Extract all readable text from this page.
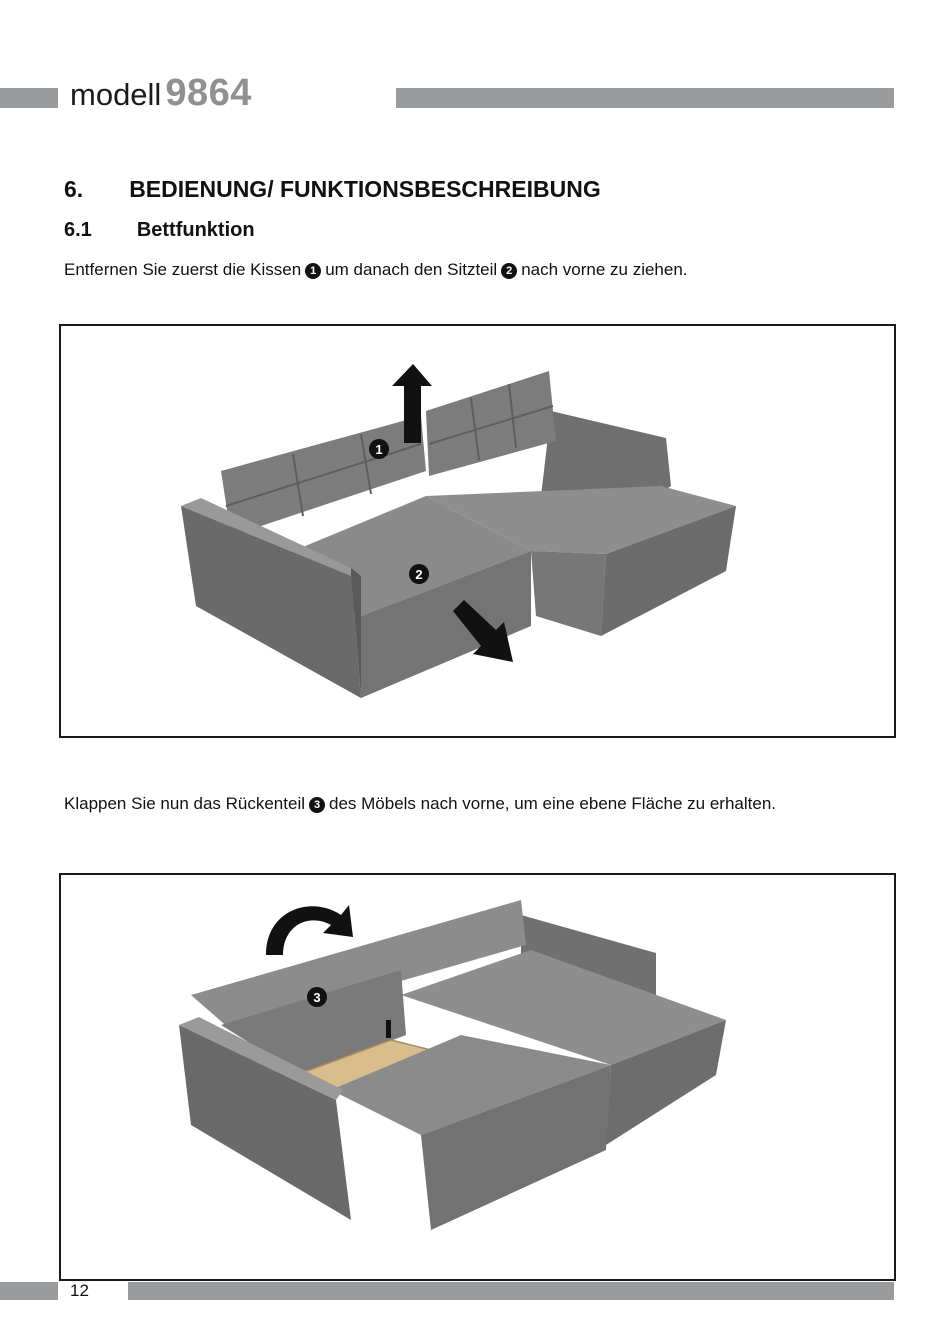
modell 9864
6. BEDIENUNG/ FUNKTIONSBESCHREIBUNG
6.1 Bettfunktion
Entfernen Sie zuerst die Kissen 1 um danach den Sitzteil 2 nach vorne zu ziehen.
1
2
Klappen Sie nun das Rückenteil 3 des Möbels nach vorne, um eine ebene Fläche zu erhalten.
3
12
